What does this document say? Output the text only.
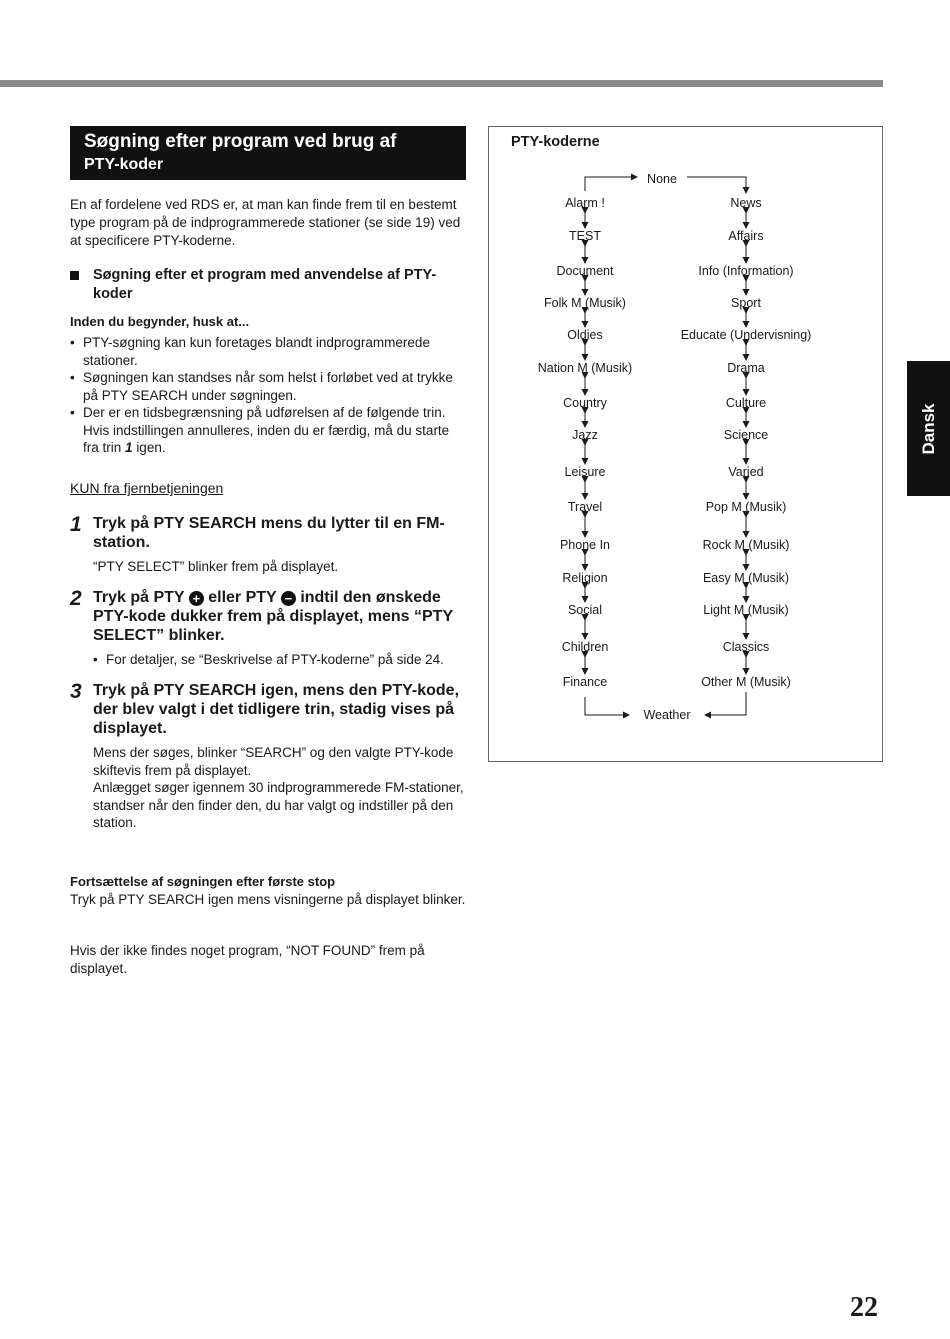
Søgning efter program ved brug af
PTY-koder

En af fordelene ved RDS er, at man kan finde frem til en bestemt type program på de indprogrammerede stationer (se side 19) ved at specificere PTY-koderne.

Søgning efter et program med anvendelse af PTY-koder
Inden du begynder, husk at...
• PTY-søgning kan kun foretages blandt indprogrammerede stationer.
• Søgningen kan standses når som helst i forløbet ved at trykke på PTY SEARCH under søgningen.
• Der er en tidsbegrænsning på udførelsen af de følgende trin. Hvis indstillingen annulleres, inden du er færdig, må du starte fra trin 1 igen.
KUN fra fjernbetjeningen
1 Tryk på PTY SEARCH mens du lytter til en FM-station.
“PTY SELECT” blinker frem på displayet.
2 Tryk på PTY + eller PTY − indtil den ønskede PTY-kode dukker frem på displayet, mens “PTY SELECT” blinker.
• For detaljer, se “Beskrivelse af PTY-koderne” på side 24.
3 Tryk på PTY SEARCH igen, mens den PTY-kode, der blev valgt i det tidligere trin, stadig vises på displayet.
Mens der søges, blinker “SEARCH” og den valgte PTY-kode skiftevis frem på displayet.
Anlægget søger igennem 30 indprogrammerede FM-stationer, standser når den finder den, du har valgt og indstiller på den station.
Fortsættelse af søgningen efter første stop
Tryk på PTY SEARCH igen mens visningerne på displayet blinker.
Hvis der ikke findes noget program, “NOT FOUND” frem på displayet.
PTY-koderne
None
Weather
Alarm !
TEST
Document
Folk M (Musik)
Oldies
Nation M (Musik)
Country
Jazz
Leisure
Travel
Phone In
Religion
Social
Children
Finance
News
Affairs
Info (Information)
Sport
Educate (Undervisning)
Drama
Culture
Science
Varied
Pop M (Musik)
Rock M (Musik)
Easy M (Musik)
Light M (Musik)
Classics
Other M (Musik)
Dansk
22
